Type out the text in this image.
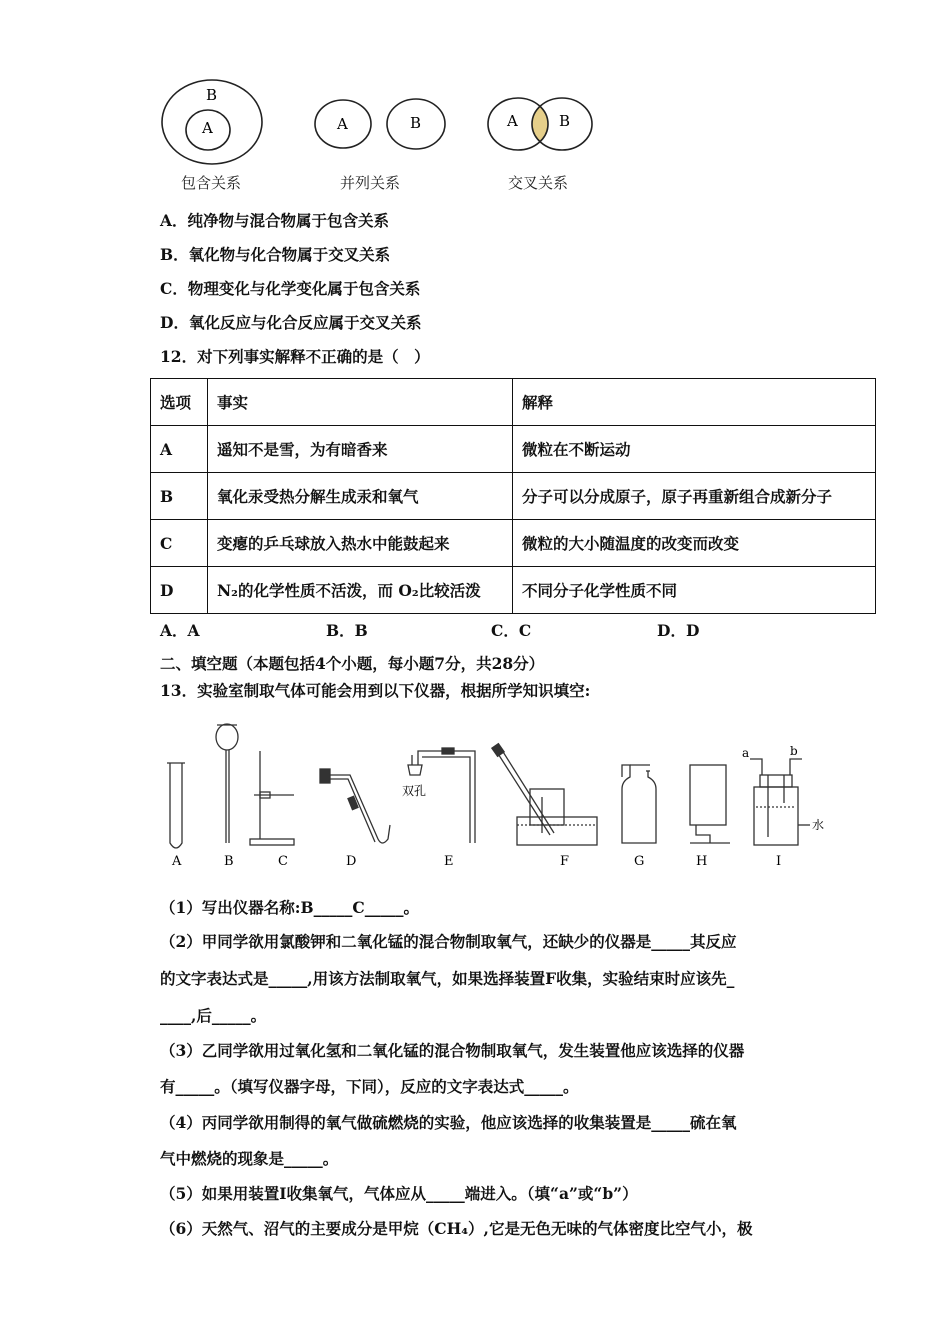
B
A	A	B	A	B
包含关系	并列关系	交叉关系
A．纯净物与混合物属于包含关系
B．氧化物与化合物属于交叉关系
C．物理变化与化学变化属于包含关系
D．氧化反应与化合反应属于交叉关系
12．对下列事实解释不正确的是（　）
选项	事实	解释
A	遥知不是雪，为有暗香来	微粒在不断运动
B	氧化汞受热分解生成汞和氧气	分子可以分成原子，原子再重新组合成新分子
C	变瘪的乒乓球放入热水中能鼓起来	微粒的大小随温度的改变而改变
D	N₂的化学性质不活泼，而 O₂比较活泼	不同分子化学性质不同
A．A	B．B	C．C	D．D
二、填空题（本题包括4个小题，每小题7分，共28分）
13．实验室制取气体可能会用到以下仪器，根据所学知识填空:
双孔
水
a	b
A	B	C	D	E	F	G	H	I
（1）写出仪器名称:B_____C_____。
（2）甲同学欲用氯酸钾和二氧化锰的混合物制取氧气，还缺少的仪器是_____其反应
的文字表达式是_____,用该方法制取氧气，如果选择装置F收集，实验结束时应该先_
____,后_____。
（3）乙同学欲用过氧化氢和二氧化锰的混合物制取氧气，发生装置他应该选择的仪器
有_____。（填写仪器字母，下同），反应的文字表达式_____。
（4）丙同学欲用制得的氧气做硫燃烧的实验，他应该选择的收集装置是_____硫在氧
气中燃烧的现象是_____。
（5）如果用装置Ⅰ收集氧气，气体应从_____端进入。（填“a”或“b”）
（6）天然气、沼气的主要成分是甲烷（CH₄）,它是无色无味的气体密度比空气小，极
